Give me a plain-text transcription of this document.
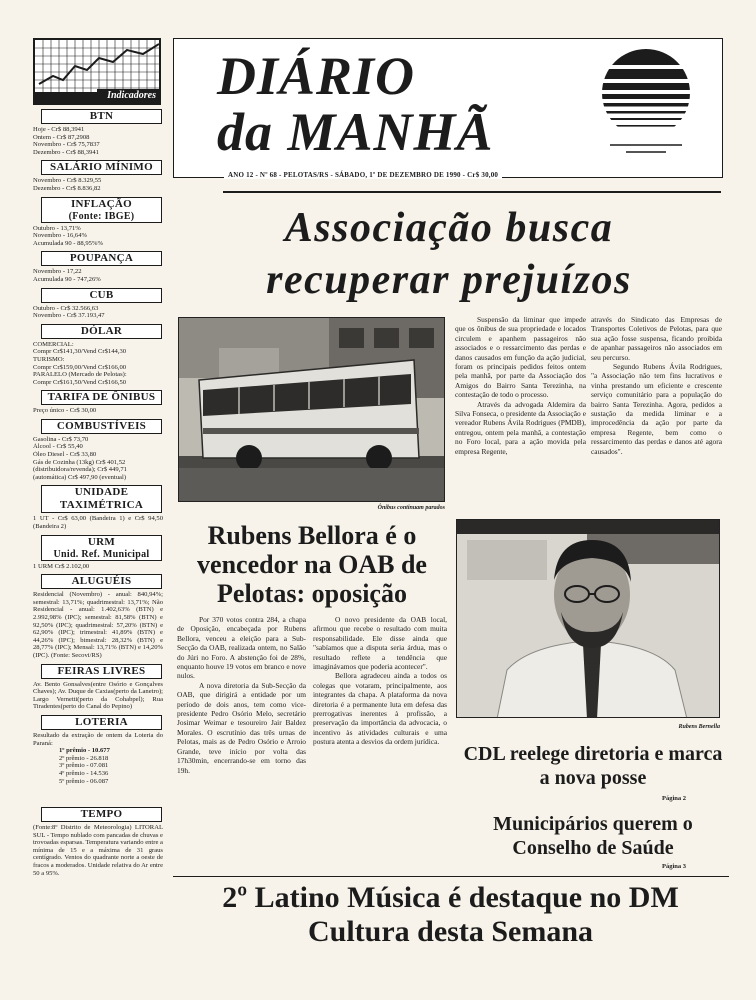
Indicadores
BTN
Hoje - Cr$ 88,3941
Ontem - Cr$ 87,2908
Novembro - Cr$ 75,7837
Dezembro - Cr$ 88,3941
SALÁRIO MÍNIMO
Novembro - Cr$ 8.329,55
Dezembro - Cr$ 8.836,82
INFLAÇÃO
(Fonte: IBGE)
Outubro - 13,71%
Novembro - 16,64%
Acumulada 90 - 88,95%%
POUPANÇA
Novembro - 17,22
Acumulada 90 - 747,26%
CUB
Outubro - Cr$ 32.566,63
Novembro - Cr$ 37.193,47
DÓLAR
COMERCIAL:
Compr Cr$141,30/Vend Cr$144,30
TURISMO:
Compr Cr$159,00/Vend Cr$166,00
PARALELO (Mercado de Pelotas):
Compr Cr$161,50/Vend Cr$166,50
TARIFA DE ÔNIBUS
Preço único - Cr$ 30,00
COMBUSTÍVEIS
Gasolina - Cr$ 73,70
Álcool - Cr$ 55,40
Óleo Diesel - Cr$ 33,80
Gás de Cozinha (13kg) Cr$ 401,52
(distribuidora/revenda); Cr$ 449,71
(automática) Cr$ 497,90 (eventual)
UNIDADE TAXIMÉTRICA
1 UT - Cr$ 63,00 (Bandeira 1) e Cr$ 94,50 (Bandeira 2)
URM
Unid. Ref. Municipal
1 URM Cr$ 2.102,00
ALUGUÉIS
Residencial (Novembro) - anual: 840,94%; semestral: 13,71%; quadrimestral: 13,71%; Não Residencial - anual: 1.402,63% (BTN) e 2.992,98% (IPC); semestral: 81,58% (BTN) e 92,50% (IPC); quadrimestral: 57,20% (BTN) e 62,90% (IPC); trimestral: 41,89% (BTN) e 44,26% (IPC); bimestral: 28,32% (BTN) e 28,77% (IPC); Mensal: 13,71% (BTN) e 14,20% (IPC). (Fonte: Secovi/RS)
FEIRAS LIVRES
Av. Bento Gonsalves(entre Osório e Gonçalves Chaves); Av. Duque de Caxias(perto da Lanetro); Largo Vernetti(perto da Cohabpel); Rua Tiradentes(perto do Canal do Pepino)
LOTERIA
Resultado da extração de ontem da Loteria do Paraná:
1º prêmio - 10.677
2º prêmio - 26.818
3º prêmio - 07.081
4º prêmio - 14.536
5º prêmio - 06.087
TEMPO
(Fonte:8º Distrito de Meteorologia) LITORAL SUL - Tempo nublado com pancadas de chuvas e trovoadas esparsas. Temperatura variando entre a mínima de 15 e a máxima de 31 graus centígrado. Ventos do quadrante norte a oeste de fracos a moderados. Unidade relativa do Ar entre 50 a 95%.
DIÁRIO
da MANHÃ
ANO 12 - Nº 68 - PELOTAS/RS - SÁBADO, 1º DE DEZEMBRO DE 1990 - Cr$ 30,00
Associação busca
recuperar prejuízos
Ônibus continuam parados

Suspensão da liminar que impede que os ônibus de sua propriedade e locados circulem e apanhem passageiros não associados e o ressarcimento das perdas e danos causados em função da ação judicial, foram os principais pedidos feitos ontem pela manhã, por parte da Associação dos Amigos do Bairro Santa Terezinha, na contestação de todo o processo.

Através da advogada Aldemira da Silva Fonseca, o presidente da Associação e vereador Rubens Ávila Rodrigues (PMDB), entregou, ontem pela manhã, a contestação no Foro local, para a ação movida pela empresa Regente,

através do Sindicato das Empresas de Transportes Coletivos de Pelotas, para que sua ação fosse suspensa, ficando proibida de apanhar passageiros não associados em seu percurso.

Segundo Rubens Ávila Rodrigues, "a Associação não tem fins lucrativos e vinha prestando um eficiente e crescente serviço comunitário para a população do bairro Santa Terezinha. Agora, pedidos a sustação da medida liminar e a improcedência da ação por parte da empresa Regente, bem como o ressarcimento das perdas e danos até agora causados".

Rubens Bellora é o vencedor na OAB de Pelotas: oposição

Por 370 votos contra 284, a chapa de Oposição, encabeçada por Rubens Bellora, venceu a eleição para a Sub-Secção da OAB, realizada ontem, no Salão do Júri no Foro. A abstenção foi de 28%, enquanto houve 19 votos em branco e nove nulos.

A nova diretoria da Sub-Secção da OAB, que dirigirá a entidade por um período de dois anos, tem como vice-presidente Pedro Osório Melo, secretário Josimar Weimar e tesoureiro Jair Baldez Morales. O escrutínio das três urnas de Pelotas, mais as de Pedro Osório e Arroio Grande, teve início por volta das 17h30min, encerrando-se em torno das 19h.

O novo presidente da OAB local, afirmou que recebe o resultado com muita responsabilidade. Ele disse ainda que "sabíamos que a disputa seria árdua, mas o resultado reflete a tendência que imaginávamos que poderia acontecer".

Bellora agradeceu ainda a todos os colegas que votaram, principalmente, aos integrantes da chapa. A plataforma da nova diretoria é a permanente luta em defesa das prerrogativas inerentes à profissão, a preservação da importância da advocacia, o incentivo às atividades culturais e uma postura atenta a desvios da ordem jurídica.

Rubens Bernella
CDL reelege diretoria e marca a nova posse
Página 2
Municipários querem o Conselho de Saúde
Página 3
2º Latino Música é destaque no DM Cultura desta Semana
